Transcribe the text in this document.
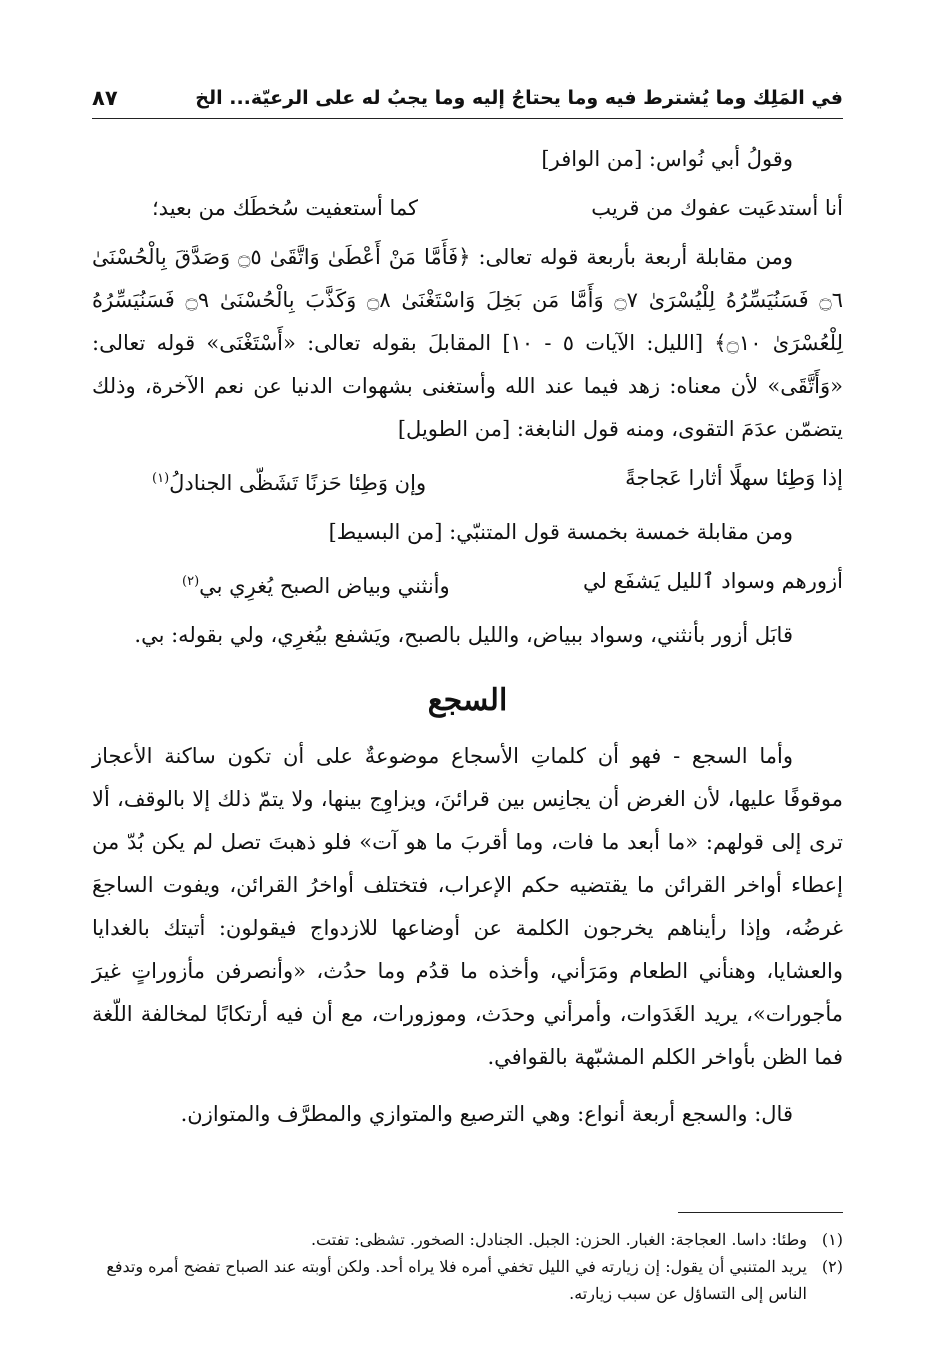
في المَلِك وما يُشترط فيه وما يحتاجُ إليه وما يجبُ له على الرعيّة... الخ
٨٧

وقولُ أبي نُواس: [من الوافر]

أنا أستدعَيت عفوك من قريب
كما أستعفيت سُخطَك من بعيد؛

ومن مقابلة أربعة بأربعة قوله تعالى: ﴿فَأَمَّا مَنْ أَعْطَىٰ وَاتَّقَىٰ ۝٥ وَصَدَّقَ بِالْحُسْنَىٰ ۝٦ فَسَنُيَسِّرُهُ لِلْيُسْرَىٰ ۝٧ وَأَمَّا مَن بَخِلَ وَاسْتَغْنَىٰ ۝٨ وَكَذَّبَ بِالْحُسْنَىٰ ۝٩ فَسَنُيَسِّرُهُ لِلْعُسْرَىٰ ۝١٠﴾ [الليل: الآيات ٥ - ١٠] المقابلَ بقوله تعالى: «أَسْتَغْنَى» قوله تعالى: «وَأَتَّقَى» لأن معناه: زهد فيما عند الله وأستغنى بشهوات الدنيا عن نعم الآخرة، وذلك يتضمّن عدَمَ التقوى، ومنه قول النابغة: [من الطويل]

إذا وَطِئا سهلًا أثارا عَجاجةً
وإن وَطِئا حَزنًا تَشَظّى الجنادلُ$^{(١)}$

ومن مقابلة خمسة بخمسة قول المتنبّي: [من البسيط]

أزورهم وسواد ٱلليل يَشفَع لي
وأنثني وبياض الصبح يُغرِي بي$^{(٢)}$

قابَل أزور بأنثني، وسواد ببياض، والليل بالصبح، ويَشفع بيُغرِي، ولي بقوله: بي.

السجع

وأما السجع - فهو أن كلماتِ الأسجاع موضوعةٌ على أن تكون ساكنة الأعجاز موقوفًا عليها، لأن الغرض أن يجانِس بين قرائنَ، ويزاوِج بينها، ولا يتمّ ذلك إلا بالوقف، ألا ترى إلى قولهم: «ما أبعد ما فات، وما أقربَ ما هو آت» فلو ذهبتَ تصل لم يكن بُدّ من إعطاء أواخر القرائن ما يقتضيه حكم الإعراب، فتختلف أواخرُ القرائن، ويفوت الساجعَ غرضُه، وإذا رأيناهم يخرجون الكلمة عن أوضاعها للازدواج فيقولون: أتيتك بالغدايا والعشايا، وهنأني الطعام ومَرَأني، وأخذه ما قدُم وما حدُث، «وأنصرفن مأزوراتٍ غيرَ مأجورات»، يريد الغَدَوات، وأمرأني وحدَث، وموزورات، مع أن فيه أرتكابًا لمخالفة اللّغة فما الظن بأواخر الكلم المشبّهة بالقوافي.

قال: والسجع أربعة أنواع: وهي الترصيع والمتوازي والمطرَّف والمتوازن.

(١)
وطئا: داسا. العجاجة: الغبار. الحزن: الجبل. الجنادل: الصخور. تشظى: تفتت.
(٢)
يريد المتنبي أن يقول: إن زيارته في الليل تخفي أمره فلا يراه أحد. ولكن أوبته عند الصباح تفضح أمره وتدفع الناس إلى التساؤل عن سبب زيارته.
